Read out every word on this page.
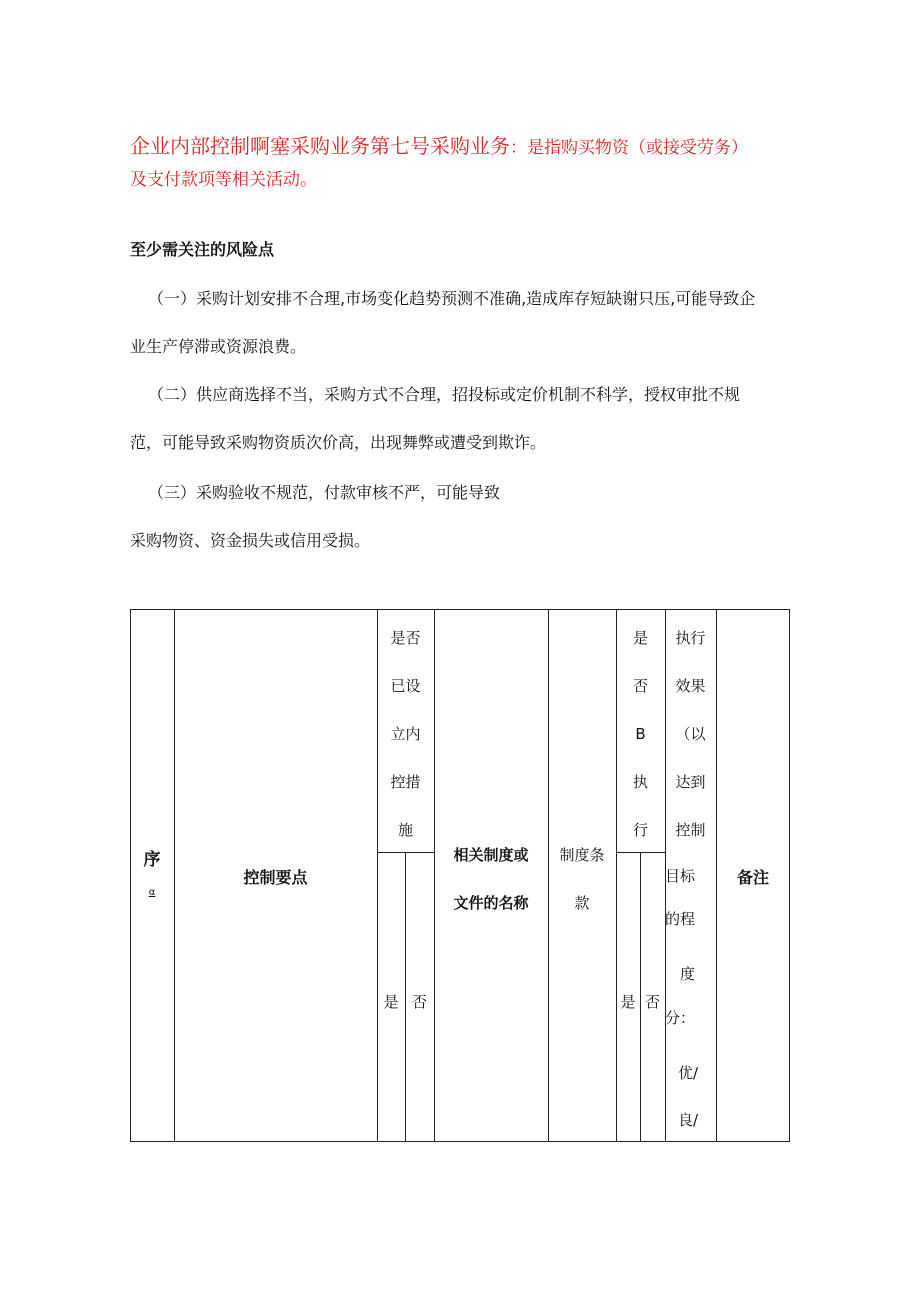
企业内部控制啊塞采购业务第七号采购业务：是指购买物资（或接受劳务）
及支付款项等相关活动。
至少需关注的风险点
（一）采购计划安排不合理,市场变化趋势预测不准确,造成库存短缺谢只压,可能导致企
业生产停滞或资源浪费。
（二）供应商选择不当，采购方式不合理，招投标或定价机制不科学，授权审批不规
范，可能导致采购物资质次价高，出现舞弊或遭受到欺诈。
（三）采购验收不规范，付款审核不严，可能导致
采购物资、资金损失或信用受损。
序
α
控制要点
是否
已设
立内
控措
施
是 否
相关制度或
文件的名称
制度条
款
是
否
B
执
行
是 否
执行
效果
（以
达到
控制
目标
的程
度
分：
优/
良/
备注
